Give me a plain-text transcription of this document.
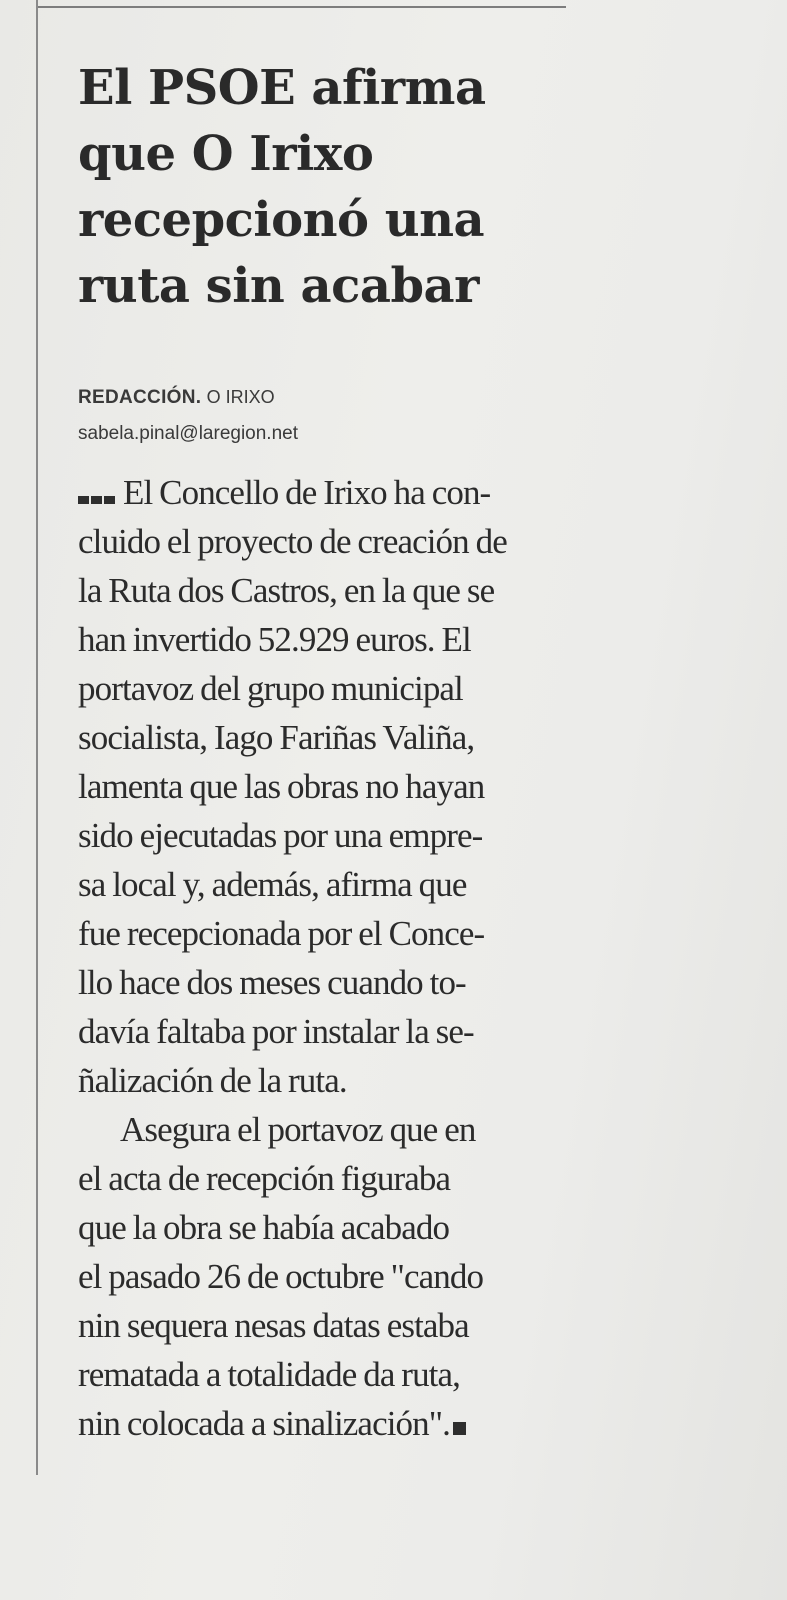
El PSOE afirma
que O Irixo
recepcionó una
ruta sin acabar
REDACCIÓN. O IRIXO
sabela.pinal@laregion.net
El Concello de Irixo ha con-
cluido el proyecto de creación de
la Ruta dos Castros, en la que se
han invertido 52.929 euros. El
portavoz del grupo municipal
socialista, Iago Fariñas Valiña,
lamenta que las obras no hayan
sido ejecutadas por una empre-
sa local y, además, afirma que
fue recepcionada por el Conce-
llo hace dos meses cuando to-
davía faltaba por instalar la se-
ñalización de la ruta.
Asegura el portavoz que en
el acta de recepción figuraba
que la obra se había acabado
el pasado 26 de octubre "cando
nin sequera nesas datas estaba
rematada a totalidade da ruta,
nin colocada a sinalización".
